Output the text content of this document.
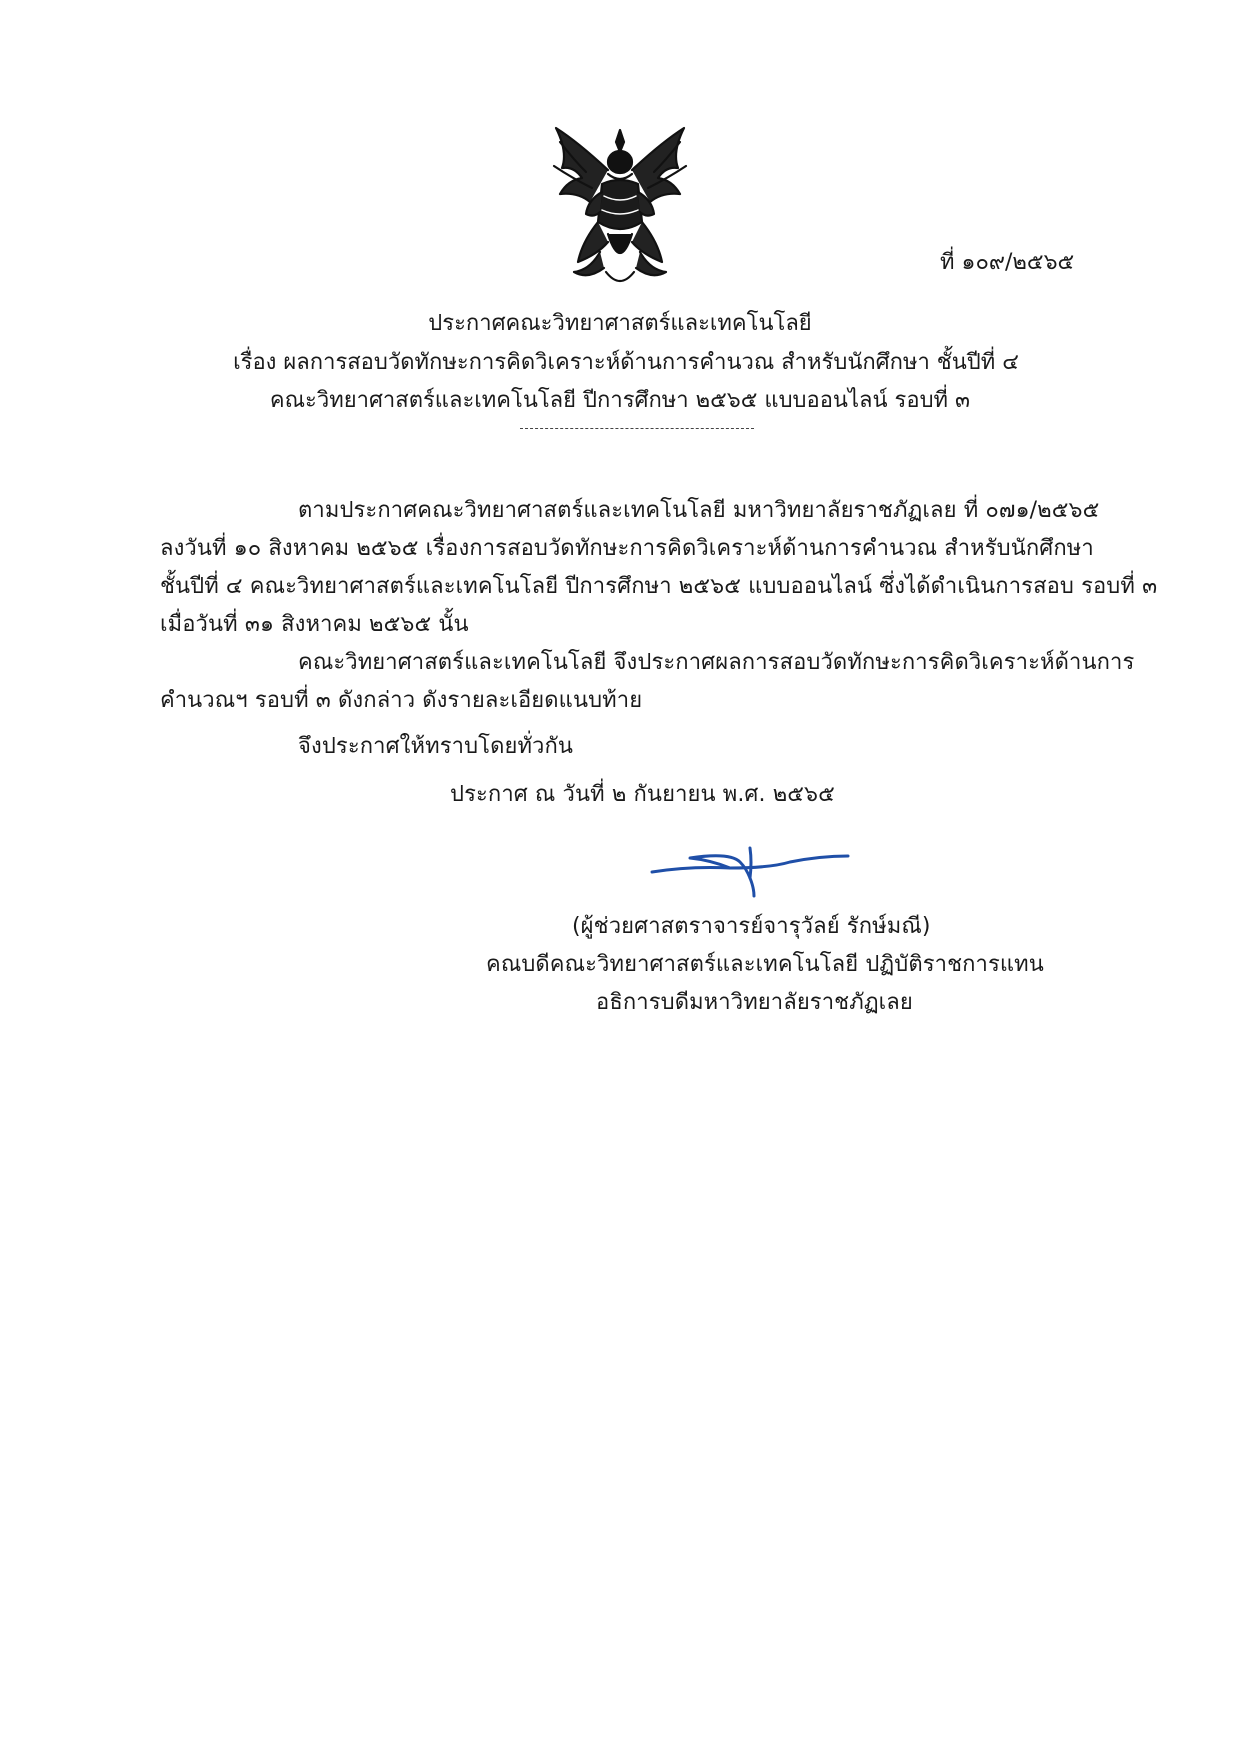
ที่ ๑๐๙/๒๕๖๕
ประกาศคณะวิทยาศาสตร์และเทคโนโลยี
เรื่อง ผลการสอบวัดทักษะการคิดวิเคราะห์ด้านการคำนวณ สำหรับนักศึกษา ชั้นปีที่ ๔
คณะวิทยาศาสตร์และเทคโนโลยี ปีการศึกษา ๒๕๖๕ แบบออนไลน์ รอบที่ ๓
ตามประกาศคณะวิทยาศาสตร์และเทคโนโลยี มหาวิทยาลัยราชภัฏเลย ที่ ๐๗๑/๒๕๖๕
ลงวันที่ ๑๐ สิงหาคม ๒๕๖๕ เรื่องการสอบวัดทักษะการคิดวิเคราะห์ด้านการคำนวณ สำหรับนักศึกษา
ชั้นปีที่ ๔ คณะวิทยาศาสตร์และเทคโนโลยี ปีการศึกษา ๒๕๖๕ แบบออนไลน์ ซึ่งได้ดำเนินการสอบ รอบที่ ๓
เมื่อวันที่ ๓๑ สิงหาคม ๒๕๖๕ นั้น
คณะวิทยาศาสตร์และเทคโนโลยี จึงประกาศผลการสอบวัดทักษะการคิดวิเคราะห์ด้านการ
คำนวณฯ รอบที่ ๓ ดังกล่าว ดังรายละเอียดแนบท้าย
จึงประกาศให้ทราบโดยทั่วกัน
ประกาศ ณ วันที่ ๒ กันยายน พ.ศ. ๒๕๖๕
(ผู้ช่วยศาสตราจารย์จารุวัลย์ รักษ์มณี)
คณบดีคณะวิทยาศาสตร์และเทคโนโลยี ปฏิบัติราชการแทน
อธิการบดีมหาวิทยาลัยราชภัฏเลย
